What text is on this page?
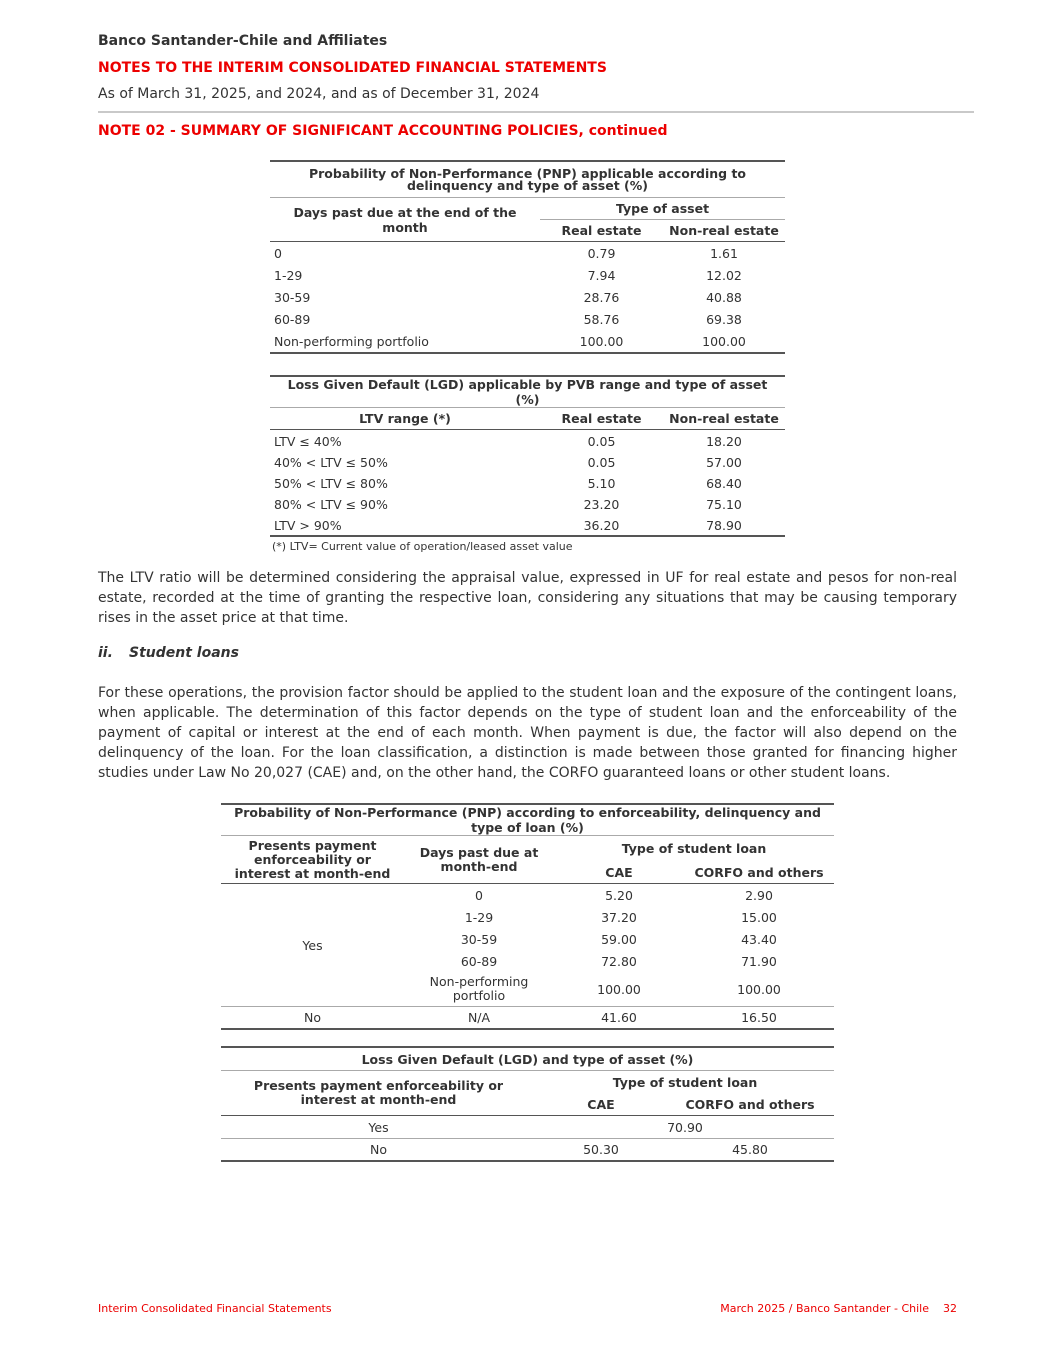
Banco Santander-Chile and Affiliates
NOTES TO THE INTERIM CONSOLIDATED FINANCIAL STATEMENTS
As of March 31, 2025, and 2024, and as of December 31, 2024
NOTE 02 - SUMMARY OF SIGNIFICANT ACCOUNTING POLICIES, continued
Probability of Non-Performance (PNP) applicable according to delinquency and type of asset (%)		
Days past due at the end of the month	Type of asset	
	Real estate	Non-real estate
0	0.79	1.61
1-29	7.94	12.02
30-59	28.76	40.88
60-89	58.76	69.38
Non-performing portfolio	100.00	100.00
Loss Given Default (LGD) applicable by PVB range and type of asset (%)		
LTV range (*)	Real estate	Non-real estate
LTV ≤ 40%	0.05	18.20
40% < LTV ≤ 50%	0.05	57.00
50% < LTV ≤ 80%	5.10	68.40
80% < LTV ≤ 90%	23.20	75.10
LTV > 90%	36.20	78.90
(*) LTV= Current value of operation/leased asset value
The LTV ratio will be determined considering the appraisal value, expressed in UF for real estate and pesos for non-real estate, recorded at the time of granting the respective loan, considering any situations that may be causing temporary rises in the asset price at that time.
ii. Student loans
For these operations, the provision factor should be applied to the student loan and the exposure of the contingent loans, when applicable. The determination of this factor depends on the type of student loan and the enforceability of the payment of capital or interest at the end of each month. When payment is due, the factor will also depend on the delinquency of the loan. For the loan classification, a distinction is made between those granted for financing higher studies under Law No 20,027 (CAE) and, on the other hand, the CORFO guaranteed loans or other student loans.
Probability of Non-Performance (PNP) according to enforceability, delinquency and type of loan (%)			
Presents payment enforceability or interest at month-end	Days past due at month-end	Type of student loan	
		CAE	CORFO and others
Yes	0	5.20	2.90
	1-29	37.20	15.00
	30-59	59.00	43.40
	60-89	72.80	71.90
	Non-performing portfolio	100.00	100.00
No	N/A	41.60	16.50
Loss Given Default (LGD) and type of asset (%)		
Presents payment enforceability or interest at month-end	Type of student loan	
	CAE	CORFO and others
Yes	70.90	
No	50.30	45.80
Interim Consolidated Financial Statements	March 2025 / Banco Santander - Chile 32
